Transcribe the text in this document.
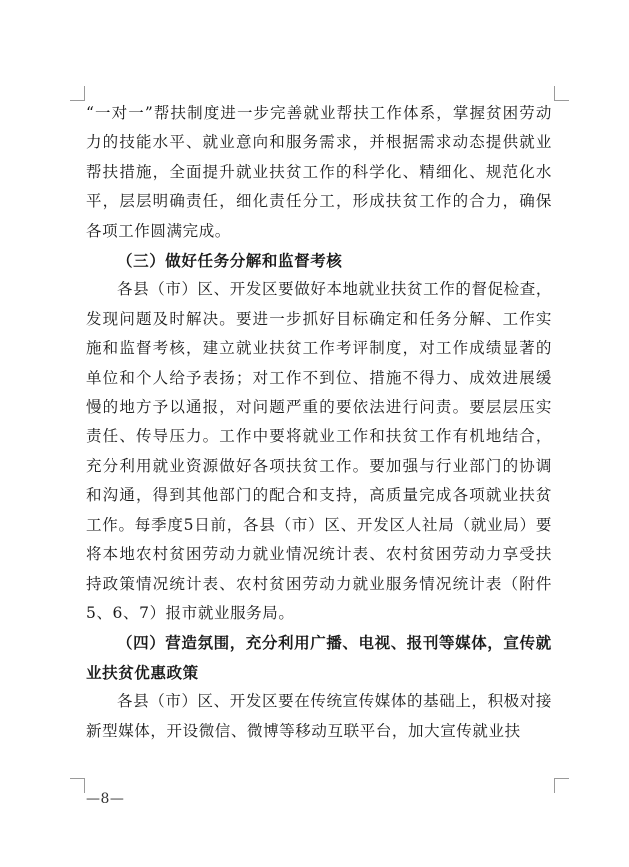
“一对一”帮扶制度进一步完善就业帮扶工作体系，掌握贫困劳动力的技能水平、就业意向和服务需求，并根据需求动态提供就业帮扶措施，全面提升就业扶贫工作的科学化、精细化、规范化水平，层层明确责任，细化责任分工，形成扶贫工作的合力，确保各项工作圆满完成。

（三）做好任务分解和监督考核

各县（市）区、开发区要做好本地就业扶贫工作的督促检查，发现问题及时解决。要进一步抓好目标确定和任务分解、工作实施和监督考核，建立就业扶贫工作考评制度，对工作成绩显著的单位和个人给予表扬；对工作不到位、措施不得力、成效进展缓慢的地方予以通报，对问题严重的要依法进行问责。要层层压实责任、传导压力。工作中要将就业工作和扶贫工作有机地结合，充分利用就业资源做好各项扶贫工作。要加强与行业部门的协调和沟通，得到其他部门的配合和支持，高质量完成各项就业扶贫工作。每季度5日前，各县（市）区、开发区人社局（就业局）要将本地农村贫困劳动力就业情况统计表、农村贫困劳动力享受扶持政策情况统计表、农村贫困劳动力就业服务情况统计表（附件5、6、7）报市就业服务局。

（四）营造氛围，充分利用广播、电视、报刊等媒体，宣传就业扶贫优惠政策

各县（市）区、开发区要在传统宣传媒体的基础上，积极对接新型媒体，开设微信、微博等移动互联平台，加大宣传就业扶

—8—
